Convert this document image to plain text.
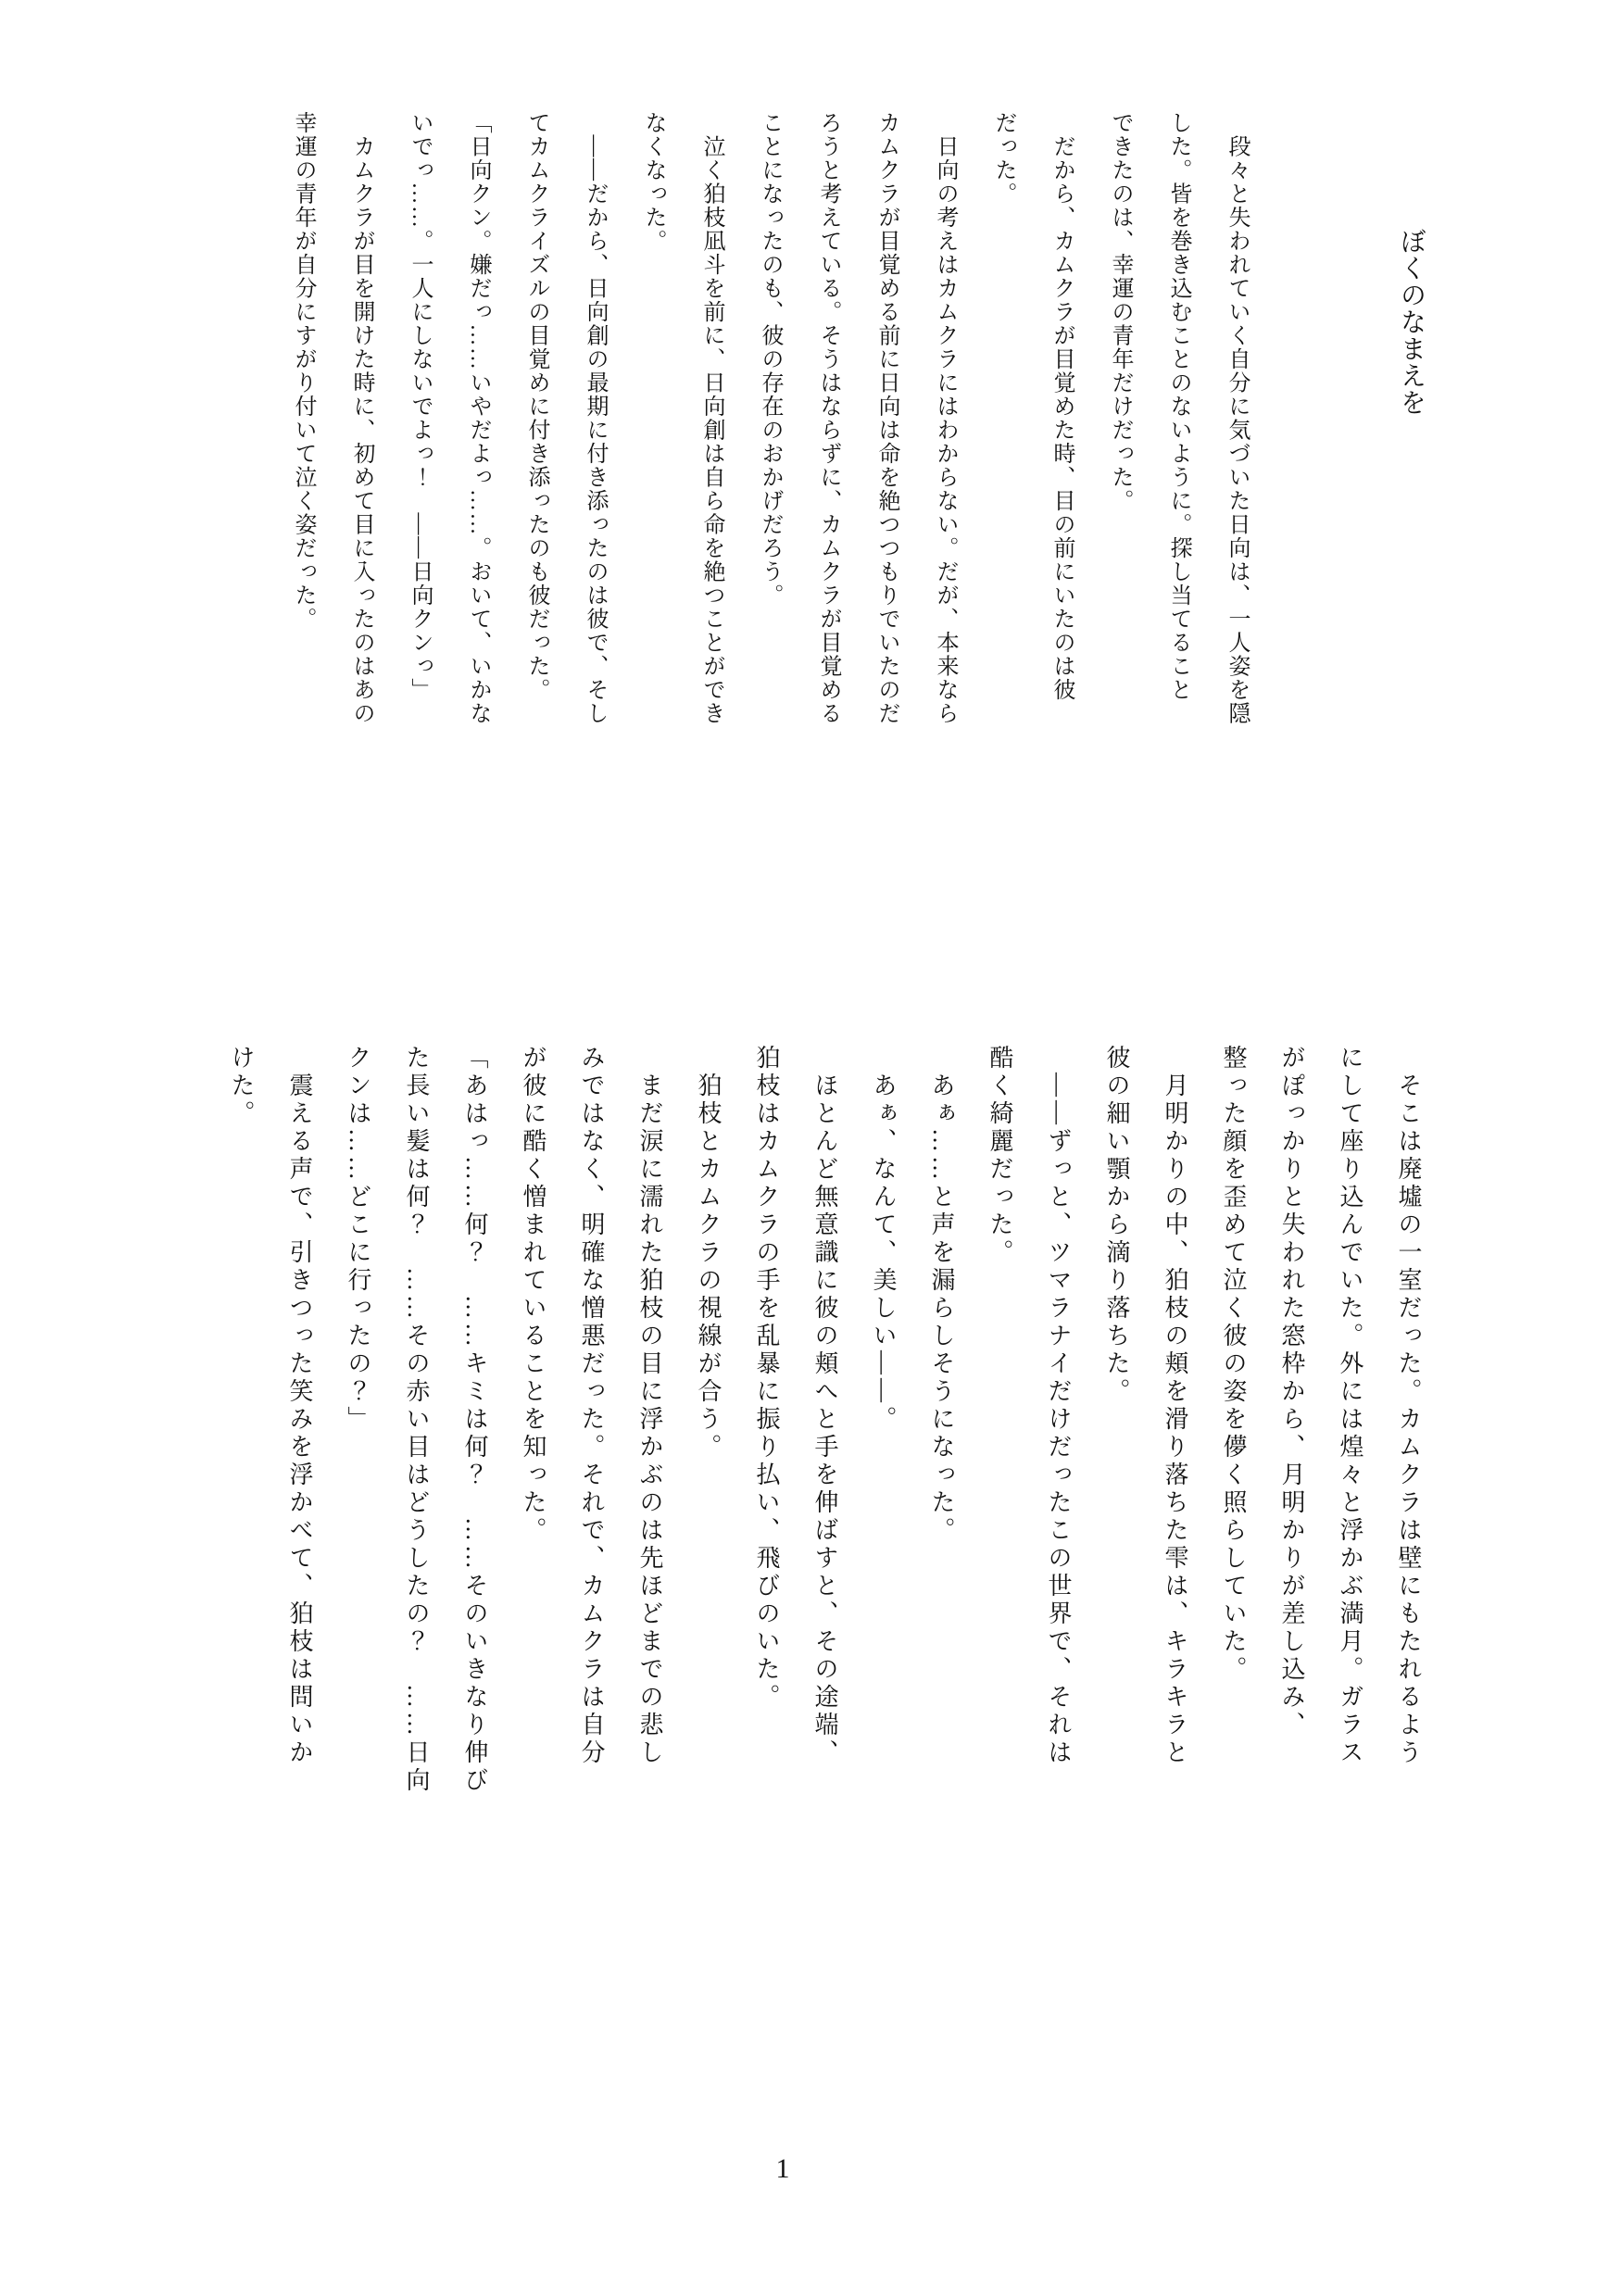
ぼくのなまえを
　段々と失われていく自分に気づいた日向は、一人姿を隠
した。皆を巻き込むことのないように。探し当てること
できたのは、幸運の青年だけだった。
　だから、カムクラが目覚めた時、目の前にいたのは彼
だった。
　日向の考えはカムクラにはわからない。だが、本来なら
カムクラが目覚める前に日向は命を絶つつもりでいたのだ
ろうと考えている。そうはならずに、カムクラが目覚める
ことになったのも、彼の存在のおかげだろう。
　泣く狛枝凪斗を前に、日向創は自ら命を絶つことができ
なくなった。
　——だから、日向創の最期に付き添ったのは彼で、そし
てカムクライズルの目覚めに付き添ったのも彼だった。
「日向クン。嫌だっ……いやだよっ……。おいて、いかな
いでっ……。一人にしないでよっ！　——日向クンっ」
　カムクラが目を開けた時に、初めて目に入ったのはあの
幸運の青年が自分にすがり付いて泣く姿だった。
　そこは廃墟の一室だった。カムクラは壁にもたれるよう
にして座り込んでいた。外には煌々と浮かぶ満月。ガラス
がぽっかりと失われた窓枠から、月明かりが差し込み、
整った顔を歪めて泣く彼の姿を儚く照らしていた。
　月明かりの中、狛枝の頬を滑り落ちた雫は、キラキラと
彼の細い顎から滴り落ちた。
　——ずっと、ツマラナイだけだったこの世界で、それは
酷く綺麗だった。
　あぁ……と声を漏らしそうになった。
　あぁ、なんて、美しい——。
　ほとんど無意識に彼の頬へと手を伸ばすと、その途端、
狛枝はカムクラの手を乱暴に振り払い、飛びのいた。
　狛枝とカムクラの視線が合う。
　まだ涙に濡れた狛枝の目に浮かぶのは先ほどまでの悲し
みではなく、明確な憎悪だった。それで、カムクラは自分
が彼に酷く憎まれていることを知った。
「あはっ……何？　……キミは何？　……そのいきなり伸び
た長い髪は何？　……その赤い目はどうしたの？　……日向
クンは……どこに行ったの？」
　震える声で、引きつった笑みを浮かべて、狛枝は問いか
けた。
1
